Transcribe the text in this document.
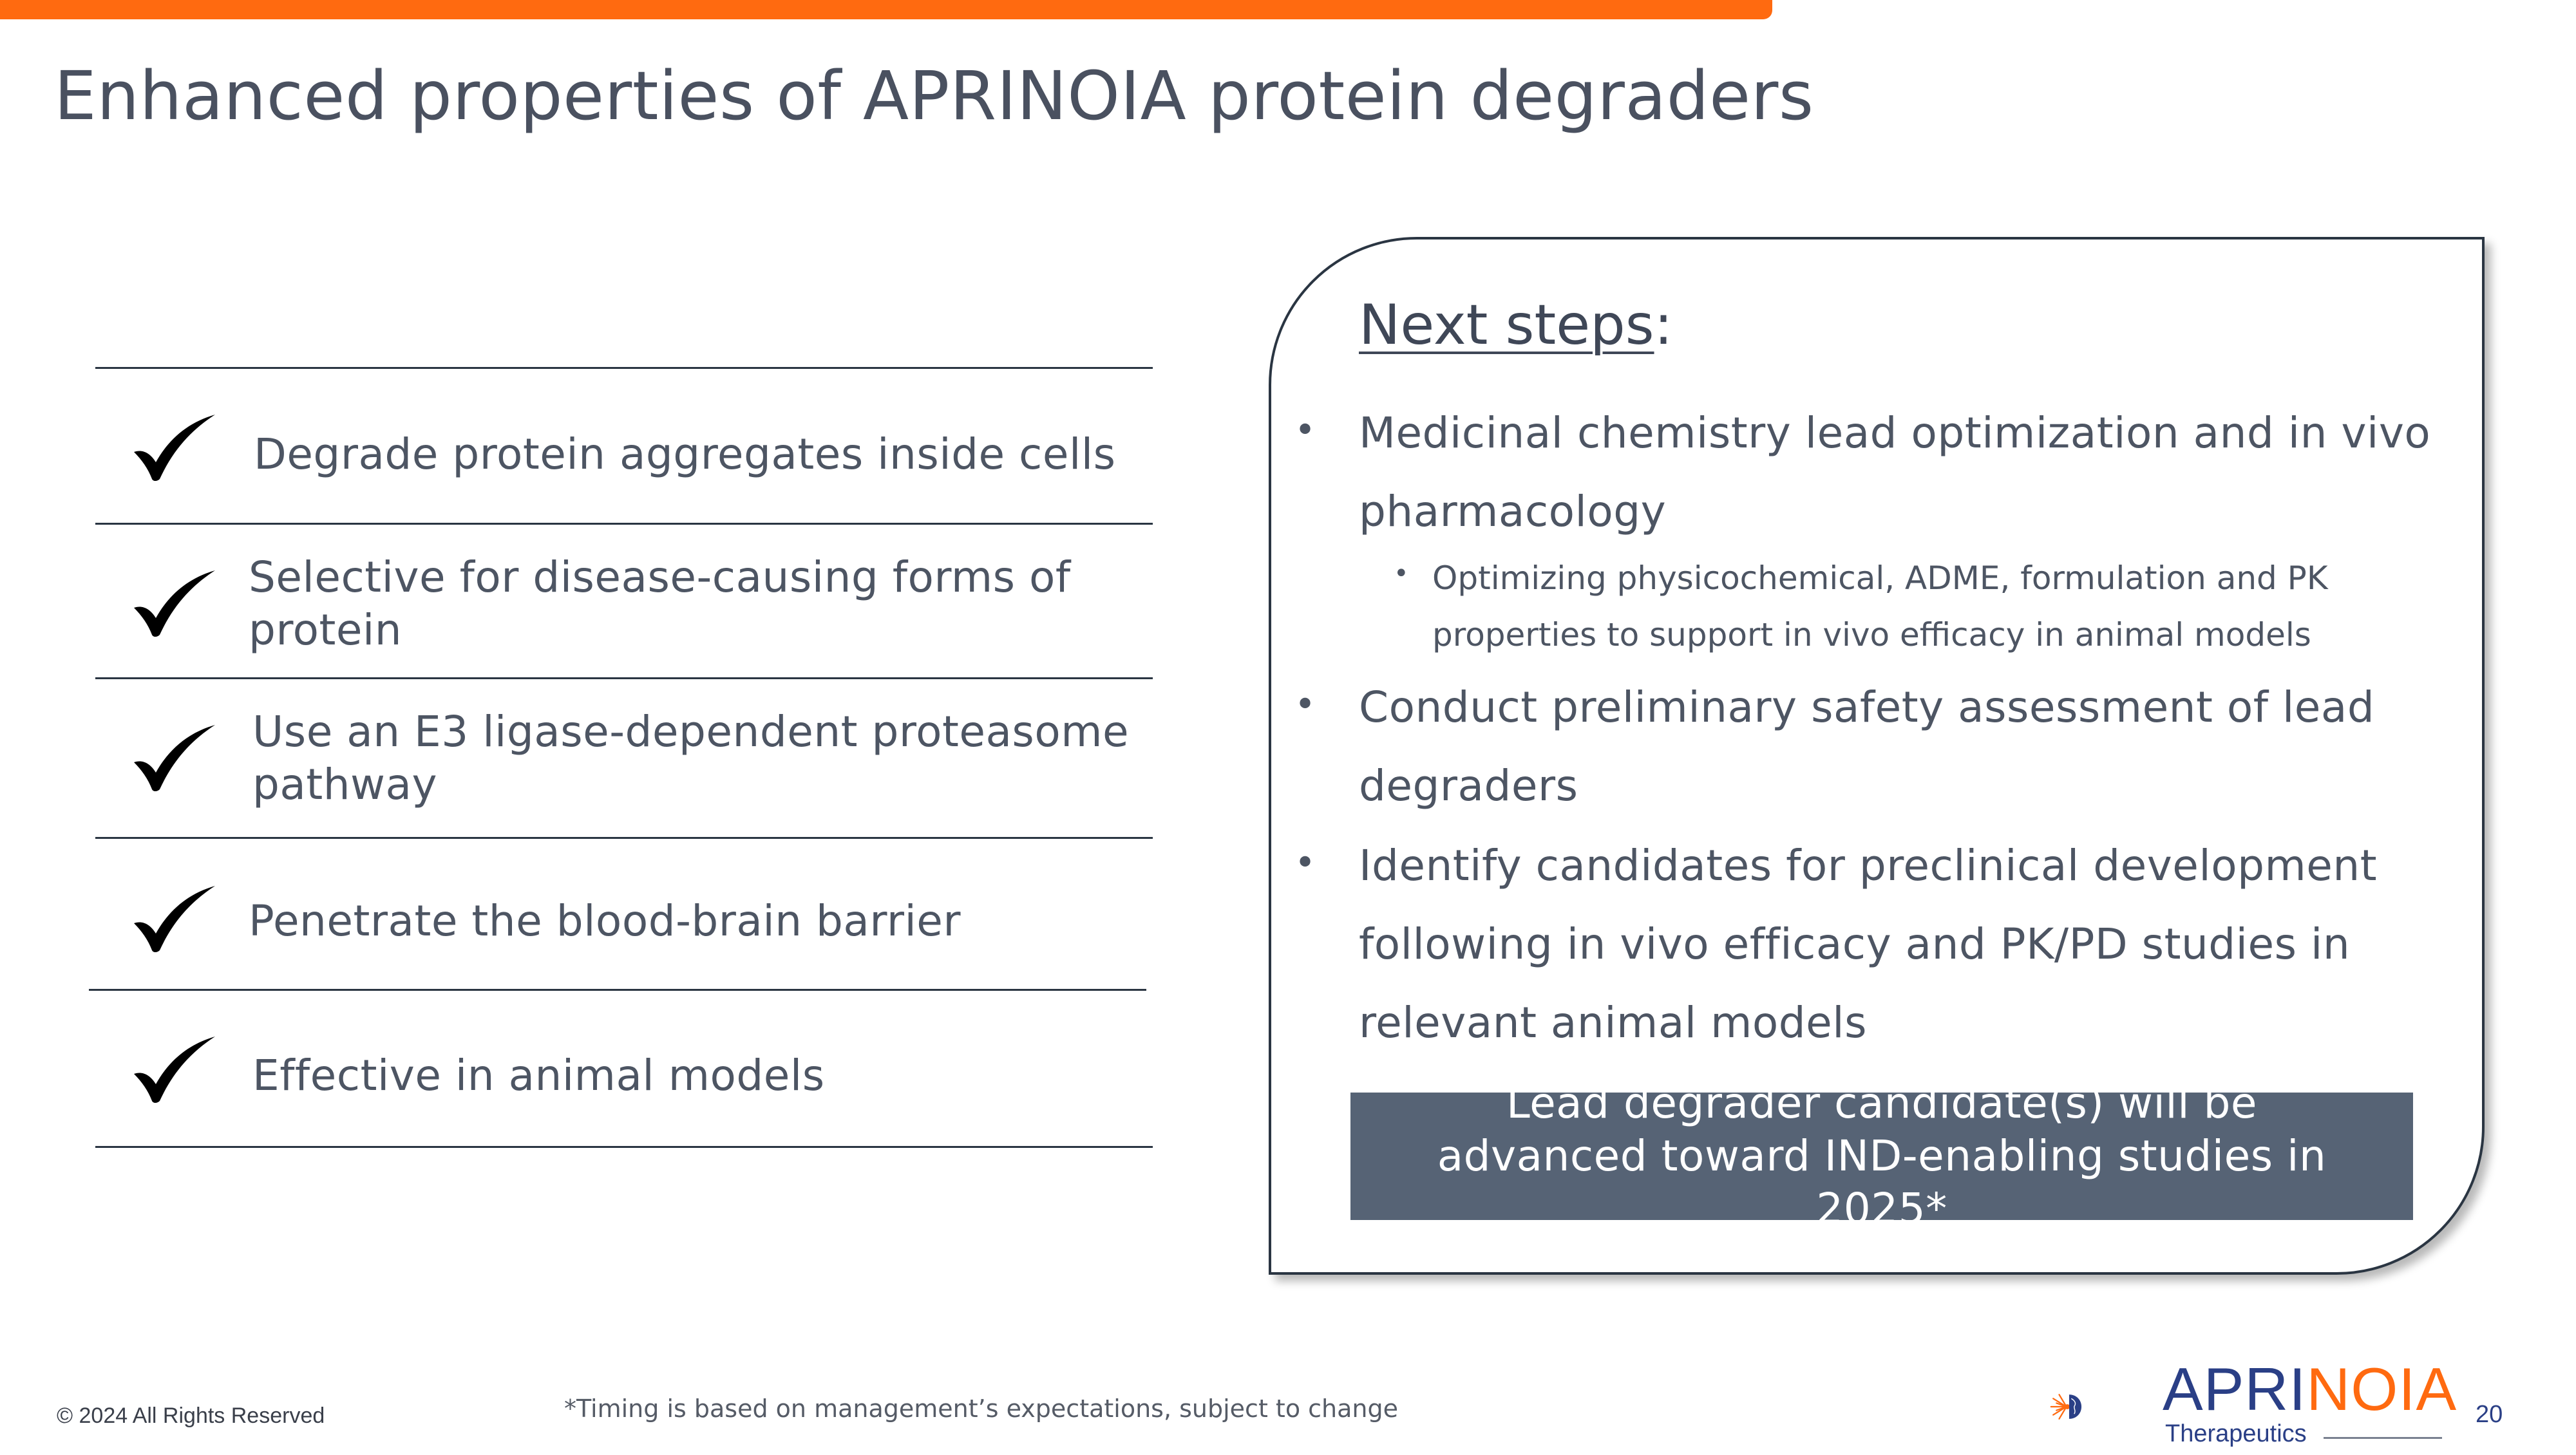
Enhanced properties of APRINOIA protein degraders
Degrade protein aggregates inside cells
Selective for disease-causing forms of protein
Use an E3 ligase-dependent proteasome pathway
Penetrate the blood-brain barrier
Effective in animal models
Next steps:
• Medicinal chemistry lead optimization and in vivo pharmacology
• Optimizing physicochemical, ADME, formulation and PK properties to support in vivo efficacy in animal models
• Conduct preliminary safety assessment of lead degraders
• Identify candidates for preclinical development following in vivo efficacy and PK/PD studies in relevant animal models
Lead degrader candidate(s) will be advanced toward IND-enabling studies in 2025*
© 2024 All Rights Reserved	*Timing is based on management’s expectations, subject to change	APRINOIA
Therapeutics
20
